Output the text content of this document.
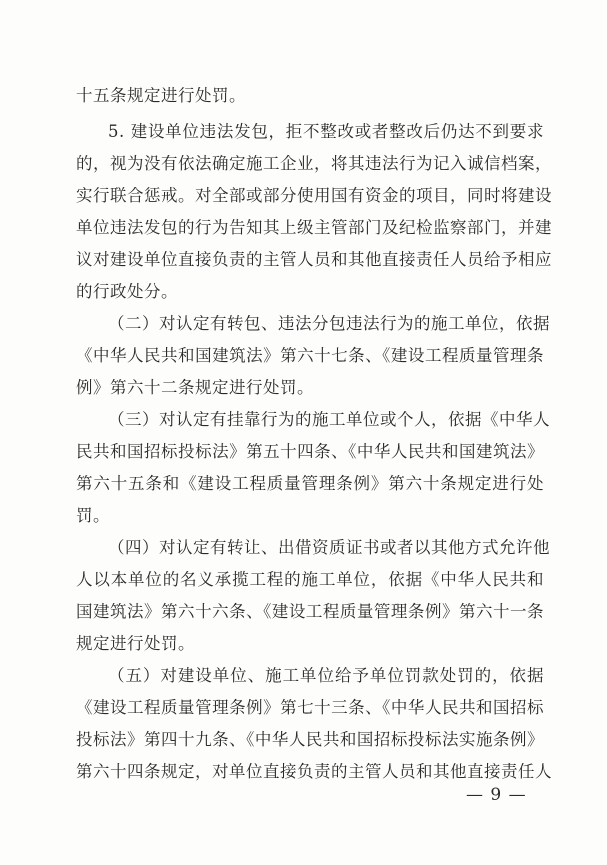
十五条规定进行处罚。
5. 建设单位违法发包，拒不整改或者整改后仍达不到要求
的，视为没有依法确定施工企业，将其违法行为记入诚信档案，
实行联合惩戒。对全部或部分使用国有资金的项目，同时将建设
单位违法发包的行为告知其上级主管部门及纪检监察部门，并建
议对建设单位直接负责的主管人员和其他直接责任人员给予相应
的行政处分。
（二）对认定有转包、违法分包违法行为的施工单位，依据
《中华人民共和国建筑法》第六十七条、《建设工程质量管理条
例》第六十二条规定进行处罚。
（三）对认定有挂靠行为的施工单位或个人，依据《中华人
民共和国招标投标法》第五十四条、《中华人民共和国建筑法》
第六十五条和《建设工程质量管理条例》第六十条规定进行处
罚。
（四）对认定有转让、出借资质证书或者以其他方式允许他
人以本单位的名义承揽工程的施工单位，依据《中华人民共和
国建筑法》第六十六条、《建设工程质量管理条例》第六十一条
规定进行处罚。
（五）对建设单位、施工单位给予单位罚款处罚的，依据
《建设工程质量管理条例》第七十三条、《中华人民共和国招标
投标法》第四十九条、《中华人民共和国招标投标法实施条例》
第六十四条规定，对单位直接负责的主管人员和其他直接责任人
— 9 —
